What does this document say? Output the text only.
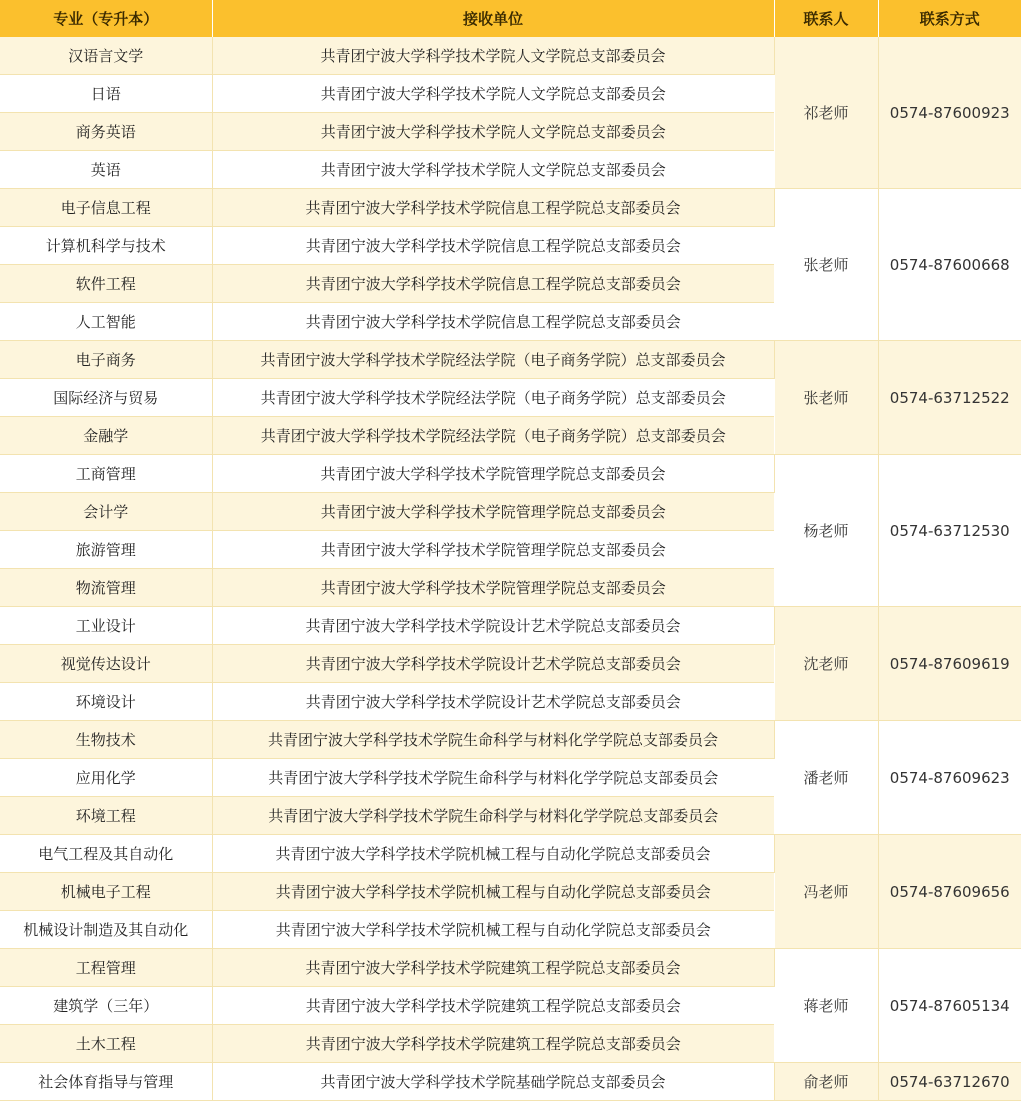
专业（专升本）	接收单位	联系人	联系方式
汉语言文学	共青团宁波大学科学技术学院人文学院总支部委员会	祁老师	0574-87600923
日语	共青团宁波大学科学技术学院人文学院总支部委员会		
商务英语	共青团宁波大学科学技术学院人文学院总支部委员会		
英语	共青团宁波大学科学技术学院人文学院总支部委员会		
电子信息工程	共青团宁波大学科学技术学院信息工程学院总支部委员会	张老师	0574-87600668
计算机科学与技术	共青团宁波大学科学技术学院信息工程学院总支部委员会		
软件工程	共青团宁波大学科学技术学院信息工程学院总支部委员会		
人工智能	共青团宁波大学科学技术学院信息工程学院总支部委员会		
电子商务	共青团宁波大学科学技术学院经法学院（电子商务学院）总支部委员会	张老师	0574-63712522
国际经济与贸易	共青团宁波大学科学技术学院经法学院（电子商务学院）总支部委员会		
金融学	共青团宁波大学科学技术学院经法学院（电子商务学院）总支部委员会		
工商管理	共青团宁波大学科学技术学院管理学院总支部委员会	杨老师	0574-63712530
会计学	共青团宁波大学科学技术学院管理学院总支部委员会		
旅游管理	共青团宁波大学科学技术学院管理学院总支部委员会		
物流管理	共青团宁波大学科学技术学院管理学院总支部委员会		
工业设计	共青团宁波大学科学技术学院设计艺术学院总支部委员会	沈老师	0574-87609619
视觉传达设计	共青团宁波大学科学技术学院设计艺术学院总支部委员会		
环境设计	共青团宁波大学科学技术学院设计艺术学院总支部委员会		
生物技术	共青团宁波大学科学技术学院生命科学与材料化学学院总支部委员会	潘老师	0574-87609623
应用化学	共青团宁波大学科学技术学院生命科学与材料化学学院总支部委员会		
环境工程	共青团宁波大学科学技术学院生命科学与材料化学学院总支部委员会		
电气工程及其自动化	共青团宁波大学科学技术学院机械工程与自动化学院总支部委员会	冯老师	0574-87609656
机械电子工程	共青团宁波大学科学技术学院机械工程与自动化学院总支部委员会		
机械设计制造及其自动化	共青团宁波大学科学技术学院机械工程与自动化学院总支部委员会		
工程管理	共青团宁波大学科学技术学院建筑工程学院总支部委员会	蒋老师	0574-87605134
建筑学（三年）	共青团宁波大学科学技术学院建筑工程学院总支部委员会		
土木工程	共青团宁波大学科学技术学院建筑工程学院总支部委员会		
社会体育指导与管理	共青团宁波大学科学技术学院基础学院总支部委员会	俞老师	0574-63712670
